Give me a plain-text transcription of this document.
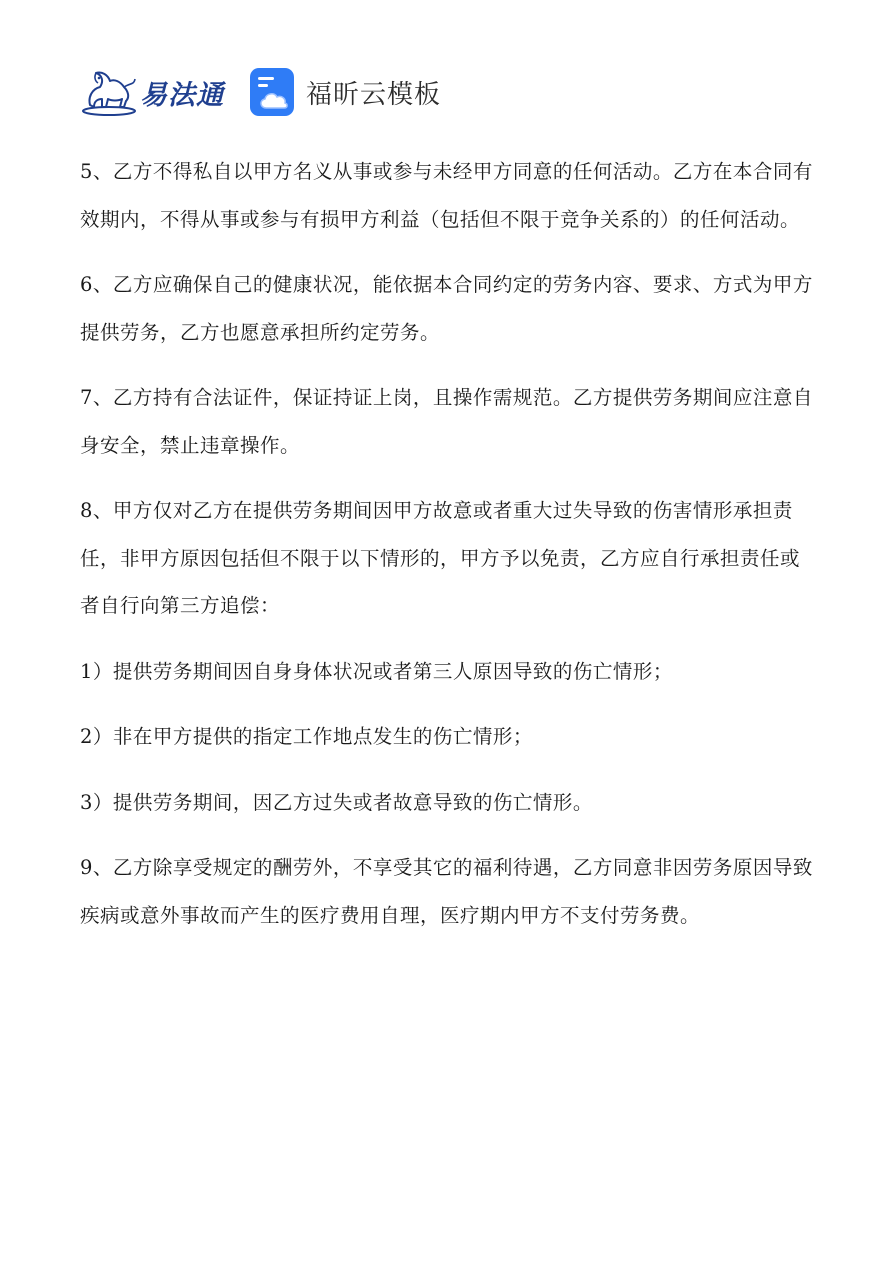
易法通	福昕云模板

5、乙方不得私自以甲方名义从事或参与未经甲方同意的任何活动。乙方在本合同有效期内，不得从事或参与有损甲方利益（包括但不限于竞争关系的）的任何活动。

6、乙方应确保自己的健康状况，能依据本合同约定的劳务内容、要求、方式为甲方提供劳务，乙方也愿意承担所约定劳务。

7、乙方持有合法证件，保证持证上岗，且操作需规范。乙方提供劳务期间应注意自身安全，禁止违章操作。

8、甲方仅对乙方在提供劳务期间因甲方故意或者重大过失导致的伤害情形承担责任，非甲方原因包括但不限于以下情形的，甲方予以免责，乙方应自行承担责任或者自行向第三方追偿：

1）提供劳务期间因自身身体状况或者第三人原因导致的伤亡情形；

2）非在甲方提供的指定工作地点发生的伤亡情形；

3）提供劳务期间，因乙方过失或者故意导致的伤亡情形。

9、乙方除享受规定的酬劳外，不享受其它的福利待遇，乙方同意非因劳务原因导致疾病或意外事故而产生的医疗费用自理，医疗期内甲方不支付劳务费。
